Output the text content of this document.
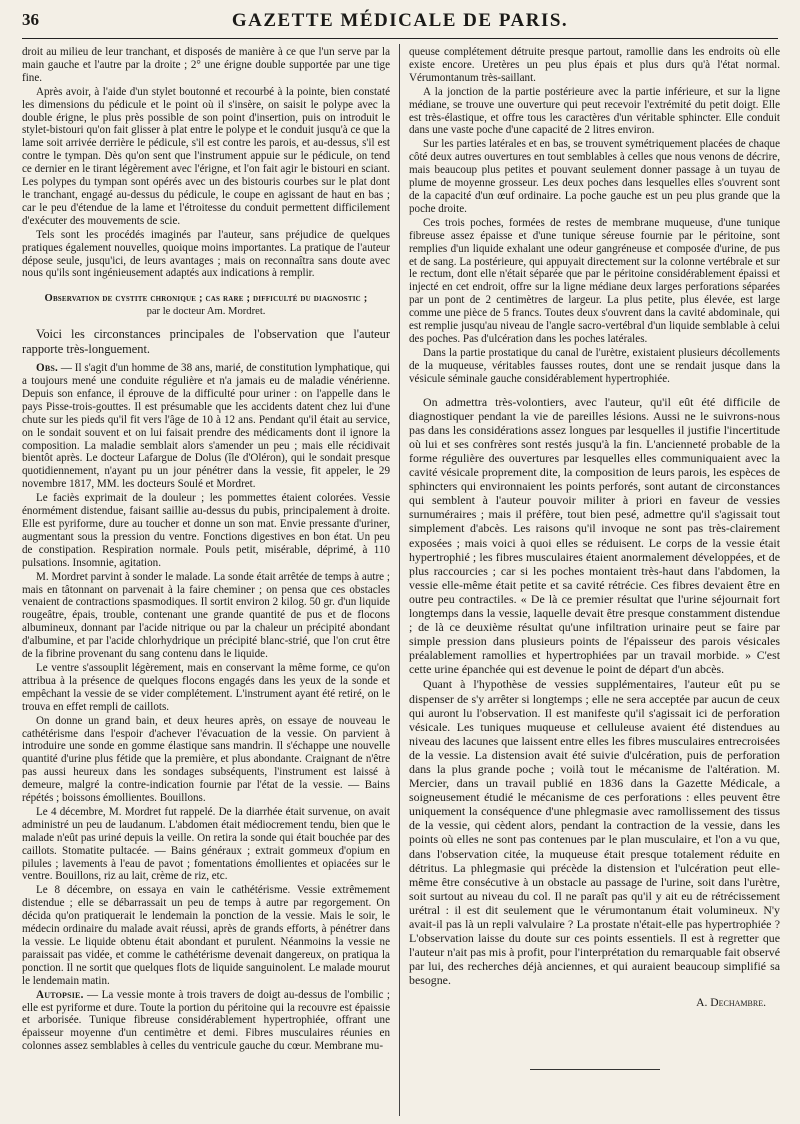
36	GAZETTE MÉDICALE DE PARIS.

droit au milieu de leur tranchant, et disposés de manière à ce que l'un serve par la main gauche et l'autre par la droite ; 2° une érigne double supportée par une tige fine.

Après avoir, à l'aide d'un stylet boutonné et recourbé à la pointe, bien constaté les dimensions du pédicule et le point où il s'insère, on saisit le polype avec la double érigne, le plus près possible de son point d'insertion, puis on introduit le stylet-bistouri qu'on fait glisser à plat entre le polype et le conduit jusqu'à ce que la lame soit arrivée derrière le pédicule, s'il est contre les parois, et au-dessus, s'il est contre le tympan. Dès qu'on sent que l'instrument appuie sur le pédicule, on tend ce dernier en le tirant légèrement avec l'érigne, et l'on fait agir le bistouri en sciant. Les polypes du tympan sont opérés avec un des bistouris courbes sur le plat dont le tranchant, engagé au-dessus du pédicule, le coupe en agissant de haut en bas ; car le peu d'étendue de la lame et l'étroitesse du conduit permettent difficilement d'exécuter des mouvements de scie.

Tels sont les procédés imaginés par l'auteur, sans préjudice de quelques pratiques également nouvelles, quoique moins importantes. La pratique de l'auteur dépose seule, jusqu'ici, de leurs avantages ; mais on reconnaîtra sans doute avec nous qu'ils sont ingénieusement adaptés aux indications à remplir.

Observation de cystite chronique ; cas rare ; difficulté du diagnostic ;
par le docteur Am. Mordret.

Voici les circonstances principales de l'observation que l'auteur rapporte très-longuement.

Obs. — Il s'agit d'un homme de 38 ans, marié, de constitution lymphatique, qui a toujours mené une conduite régulière et n'a jamais eu de maladie vénérienne. Depuis son enfance, il éprouve de la difficulté pour uriner : on l'appelle dans le pays Pisse-trois-gouttes. Il est présumable que les accidents datent chez lui d'une chute sur les pieds qu'il fit vers l'âge de 10 à 12 ans. Pendant qu'il était au service, on le sondait souvent et on lui faisait prendre des médicaments dont il ignore la composition. La maladie semblait alors s'amender un peu ; mais elle récidivait bientôt après. Le docteur Lafargue de Dolus (île d'Oléron), qui le sondait presque quotidiennement, n'ayant pu un jour pénétrer dans la vessie, fit appeler, le 29 novembre 1817, MM. les docteurs Soulé et Mordret.

Le faciès exprimait de la douleur ; les pommettes étaient colorées. Vessie énormément distendue, faisant saillie au-dessus du pubis, principalement à droite. Elle est pyriforme, dure au toucher et donne un son mat. Envie pressante d'uriner, augmentant sous la pression du ventre. Fonctions digestives en bon état. Un peu de constipation. Respiration normale. Pouls petit, misérable, déprimé, à 110 pulsations. Insomnie, agitation.

M. Mordret parvint à sonder le malade. La sonde était arrêtée de temps à autre ; mais en tâtonnant on parvenait à la faire cheminer ; on pensa que ces obstacles venaient de contractions spasmodiques. Il sortit environ 2 kilog. 50 gr. d'un liquide rougeâtre, épais, trouble, contenant une grande quantité de pus et de flocons albumineux, donnant par l'acide nitrique ou par la chaleur un précipité abondant d'albumine, et par l'acide chlorhydrique un précipité blanc-strié, que l'on crut être de la fibrine provenant du sang contenu dans le liquide.

Le ventre s'assouplit légèrement, mais en conservant la même forme, ce qu'on attribua à la présence de quelques flocons engagés dans les yeux de la sonde et empêchant la vessie de se vider complétement. L'instrument ayant été retiré, on le trouva en effet rempli de caillots.

On donne un grand bain, et deux heures après, on essaye de nouveau le cathétérisme dans l'espoir d'achever l'évacuation de la vessie. On parvient à introduire une sonde en gomme élastique sans mandrin. Il s'échappe une nouvelle quantité d'urine plus fétide que la première, et plus abondante. Craignant de n'être pas aussi heureux dans les sondages subséquents, l'instrument est laissé à demeure, malgré la contre-indication fournie par l'état de la vessie. — Bains répétés ; boissons émollientes. Bouillons.

Le 4 décembre, M. Mordret fut rappelé. De la diarrhée était survenue, on avait administré un peu de laudanum. L'abdomen était médiocrement tendu, bien que le malade n'eût pas uriné depuis la veille. On retira la sonde qui était bouchée par des caillots. Stomatite pultacée. — Bains généraux ; extrait gommeux d'opium en pilules ; lavements à l'eau de pavot ; fomentations émollientes et opiacées sur le ventre. Bouillons, riz au lait, crème de riz, etc.

Le 8 décembre, on essaya en vain le cathétérisme. Vessie extrêmement distendue ; elle se débarrassait un peu de temps à autre par regorgement. On décida qu'on pratiquerait le lendemain la ponction de la vessie. Mais le soir, le médecin ordinaire du malade avait réussi, après de grands efforts, à pénétrer dans la vessie. Le liquide obtenu était abondant et purulent. Néanmoins la vessie ne paraissait pas vidée, et comme le cathétérisme devenait dangereux, on pratiqua la ponction. Il ne sortit que quelques flots de liquide sanguinolent. Le malade mourut le lendemain matin.

Autopsie. — La vessie monte à trois travers de doigt au-dessus de l'ombilic ; elle est pyriforme et dure. Toute la portion du péritoine qui la recouvre est épaissie et arborisée. Tunique fibreuse considérablement hypertrophiée, offrant une épaisseur moyenne d'un centimètre et demi. Fibres musculaires réunies en colonnes assez semblables à celles du ventricule gauche du cœur. Membrane mu-

queuse complétement détruite presque partout, ramollie dans les endroits où elle existe encore. Uretères un peu plus épais et plus durs qu'à l'état normal. Vérumontanum très-saillant.

A la jonction de la partie postérieure avec la partie inférieure, et sur la ligne médiane, se trouve une ouverture qui peut recevoir l'extrémité du petit doigt. Elle est très-élastique, et offre tous les caractères d'un véritable sphincter. Elle conduit dans une vaste poche d'une capacité de 2 litres environ.

Sur les parties latérales et en bas, se trouvent symétriquement placées de chaque côté deux autres ouvertures en tout semblables à celles que nous venons de décrire, mais beaucoup plus petites et pouvant seulement donner passage à un tuyau de plume de moyenne grosseur. Les deux poches dans lesquelles elles s'ouvrent sont de la capacité d'un œuf ordinaire. La poche gauche est un peu plus grande que la poche droite.

Ces trois poches, formées de restes de membrane muqueuse, d'une tunique fibreuse assez épaisse et d'une tunique séreuse fournie par le péritoine, sont remplies d'un liquide exhalant une odeur gangréneuse et composée d'urine, de pus et de sang. La postérieure, qui appuyait directement sur la colonne vertébrale et sur le rectum, dont elle n'était séparée que par le péritoine considérablement épaissi et injecté en cet endroit, offre sur la ligne médiane deux larges perforations séparées par un pont de 2 centimètres de largeur. La plus petite, plus élevée, est large comme une pièce de 5 francs. Toutes deux s'ouvrent dans la cavité abdominale, qui est remplie jusqu'au niveau de l'angle sacro-vertébral d'un liquide semblable à celui des poches. Pas d'ulcération dans les poches latérales.

Dans la partie prostatique du canal de l'urètre, existaient plusieurs décollements de la muqueuse, véritables fausses routes, dont une se rendait jusque dans la vésicule séminale gauche considérablement hypertrophiée.

On admettra très-volontiers, avec l'auteur, qu'il eût été difficile de diagnostiquer pendant la vie de pareilles lésions. Aussi ne le suivrons-nous pas dans les considérations assez longues par lesquelles il justifie l'incertitude où lui et ses confrères sont restés jusqu'à la fin. L'ancienneté probable de la forme régulière des ouvertures par lesquelles elles communiquaient avec la cavité vésicale proprement dite, la composition de leurs parois, les espèces de sphincters qui environnaient les points perforés, sont autant de circonstances qui semblent à l'auteur pouvoir militer à priori en faveur de vessies surnuméraires ; mais il préfère, tout bien pesé, admettre qu'il s'agissait tout simplement d'abcès. Les raisons qu'il invoque ne sont pas très-clairement exposées ; mais voici à quoi elles se réduisent. Le corps de la vessie était hypertrophié ; les fibres musculaires étaient anormalement développées, et de plus raccourcies ; car si les poches montaient très-haut dans l'abdomen, la vessie elle-même était petite et sa cavité rétrécie. Ces fibres devaient être en outre peu contractiles. « De là ce premier résultat que l'urine séjournait fort longtemps dans la vessie, laquelle devait être presque constamment distendue ; de là ce deuxième résultat qu'une infiltration urinaire peut se faire par simple pression dans plusieurs points de l'épaisseur des parois vésicales préalablement ramollies et hypertrophiées par un travail morbide. » C'est cette urine épanchée qui est devenue le point de départ d'un abcès.

Quant à l'hypothèse de vessies supplémentaires, l'auteur eût pu se dispenser de s'y arrêter si longtemps ; elle ne sera acceptée par aucun de ceux qui auront lu l'observation. Il est manifeste qu'il s'agissait ici de perforation vésicale. Les tuniques muqueuse et celluleuse avaient été distendues au niveau des lacunes que laissent entre elles les fibres musculaires entrecroisées de la vessie. La distension avait été suivie d'ulcération, puis de perforation dans la plus grande poche ; voilà tout le mécanisme de l'altération. M. Mercier, dans un travail publié en 1836 dans la Gazette Médicale, a soigneusement étudié le mécanisme de ces perforations : elles peuvent être uniquement la conséquence d'une phlegmasie avec ramollissement des tissus de la vessie, qui cèdent alors, pendant la contraction de la vessie, dans les points où elles ne sont pas contenues par le plan musculaire, et l'on a vu que, dans l'observation citée, la muqueuse était presque totalement réduite en détritus. La phlegmasie qui précède la distension et l'ulcération peut elle-même être consécutive à un obstacle au passage de l'urine, soit dans l'urètre, soit surtout au niveau du col. Il ne paraît pas qu'il y ait eu de rétrécissement urétral : il est dit seulement que le vérumontanum était volumineux. N'y avait-il pas là un repli valvulaire ? La prostate n'était-elle pas hypertrophiée ? L'observation laisse du doute sur ces points essentiels. Il est à regretter que l'auteur n'ait pas mis à profit, pour l'interprétation du remarquable fait observé par lui, des recherches déjà anciennes, et qui auraient beaucoup simplifié sa besogne.

A. Dechambre.
